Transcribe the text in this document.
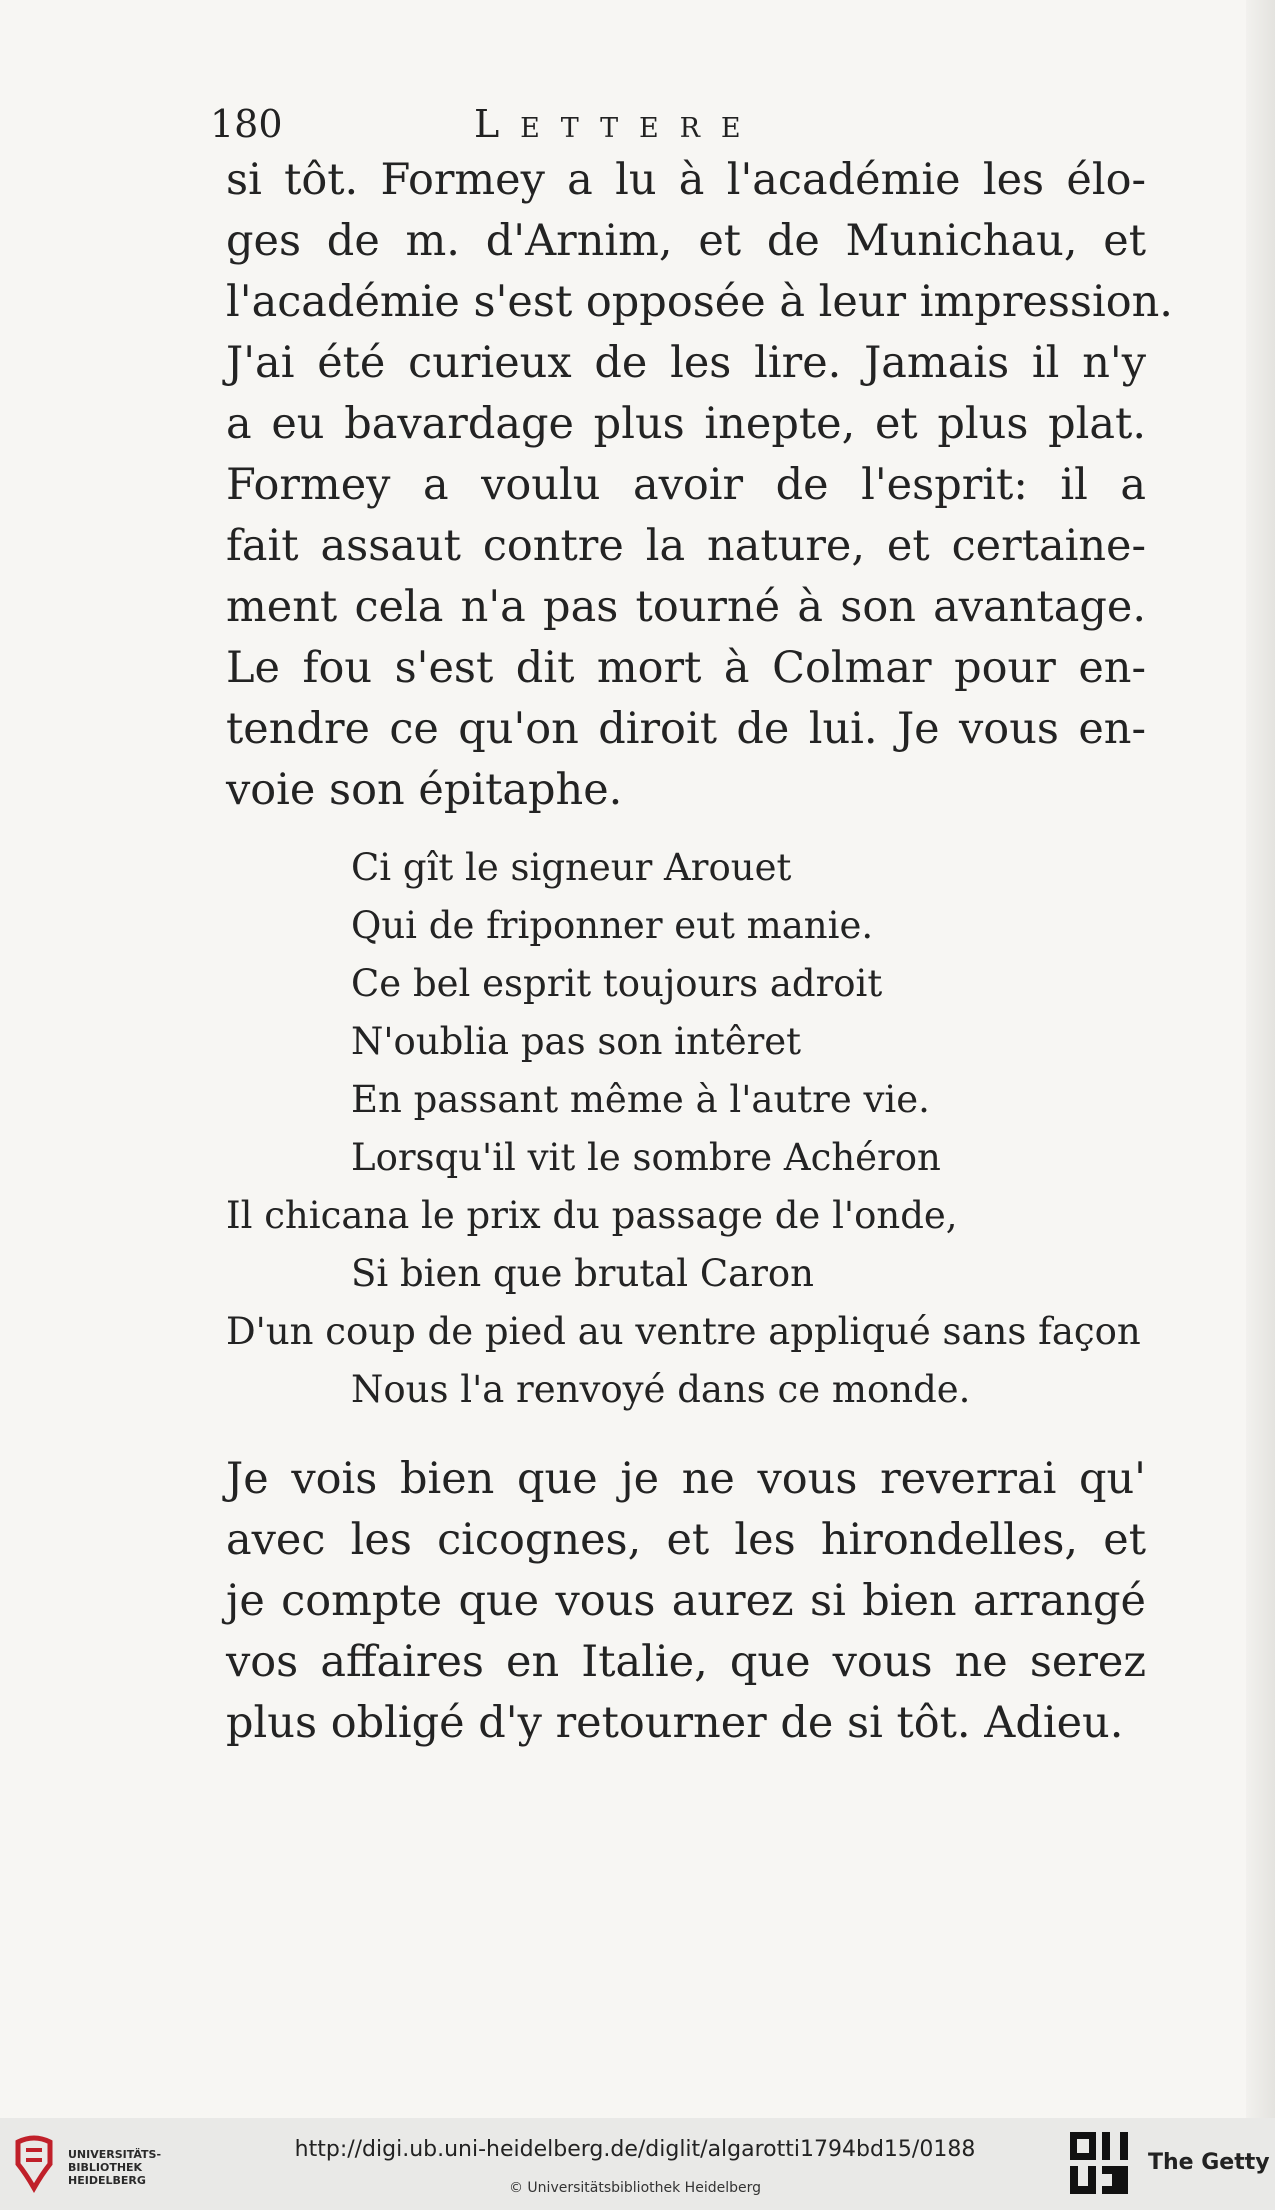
180	Lettere

si tôt. Formey a lu à l'académie les élo-
ges de m. d'Arnim, et de Munichau, et
l'académie s'est opposée à leur impression.
J'ai été curieux de les lire. Jamais il n'y
a eu bavardage plus inepte, et plus plat.
Formey a voulu avoir de l'esprit: il a
fait assaut contre la nature, et certaine-
ment cela n'a pas tourné à son avantage.
Le fou s'est dit mort à Colmar pour en-
tendre ce qu'on diroit de lui. Je vous en-
voie son épitaphe.

Ci gît le signeur Arouet
Qui de friponner eut manie.
Ce bel esprit toujours adroit
N'oublia pas son intêret
En passant même à l'autre vie.
Lorsqu'il vit le sombre Achéron
Il chicana le prix du passage de l'onde,
Si bien que brutal Caron
D'un coup de pied au ventre appliqué sans façon
Nous l'a renvoyé dans ce monde.

Je vois bien que je ne vous reverrai qu'
avec les cicognes, et les hirondelles, et
je compte que vous aurez si bien arrangé
vos affaires en Italie, que vous ne serez
plus obligé d'y retourner de si tôt. Adieu.

UNIVERSITÄTS-
BIBLIOTHEK
HEIDELBERG
http://digi.ub.uni-heidelberg.de/diglit/algarotti1794bd15/0188
© Universitätsbibliothek Heidelberg
The Getty
